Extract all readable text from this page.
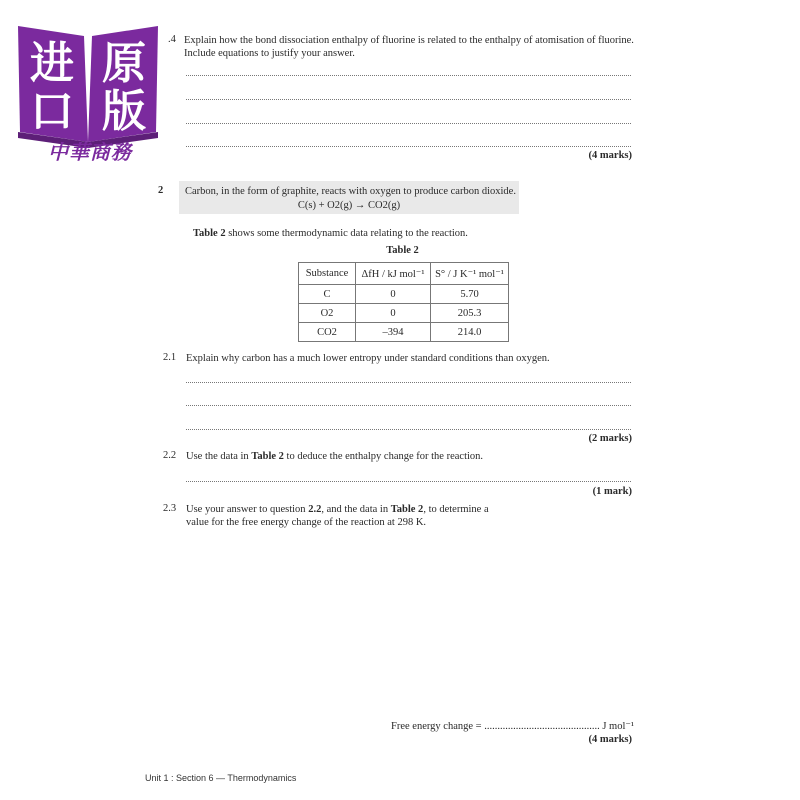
进 原
口 版
中華商務
.4 Explain how the bond dissociation enthalpy of fluorine is related to the enthalpy of atomisation of fluorine.
Include equations to justify your answer.
(4 marks)
2 Carbon, in the form of graphite, reacts with oxygen to produce carbon dioxide.
C(s) + O2(g) → CO2(g)
Table 2 shows some thermodynamic data relating to the reaction.
Table 2
Substance	ΔfH / kJ mol⁻¹	S° / J K⁻¹ mol⁻¹
C	0	5.70
O2	0	205.3
CO2	–394	214.0
2.1 Explain why carbon has a much lower entropy under standard conditions than oxygen.
(2 marks)
2.2 Use the data in Table 2 to deduce the enthalpy change for the reaction.
(1 mark)
2.3 Use your answer to question 2.2, and the data in Table 2, to determine a
value for the free energy change of the reaction at 298 K.
Free energy change = ............................................ J mol⁻¹
(4 marks)
Unit 1 : Section 6 — Thermodynamics
